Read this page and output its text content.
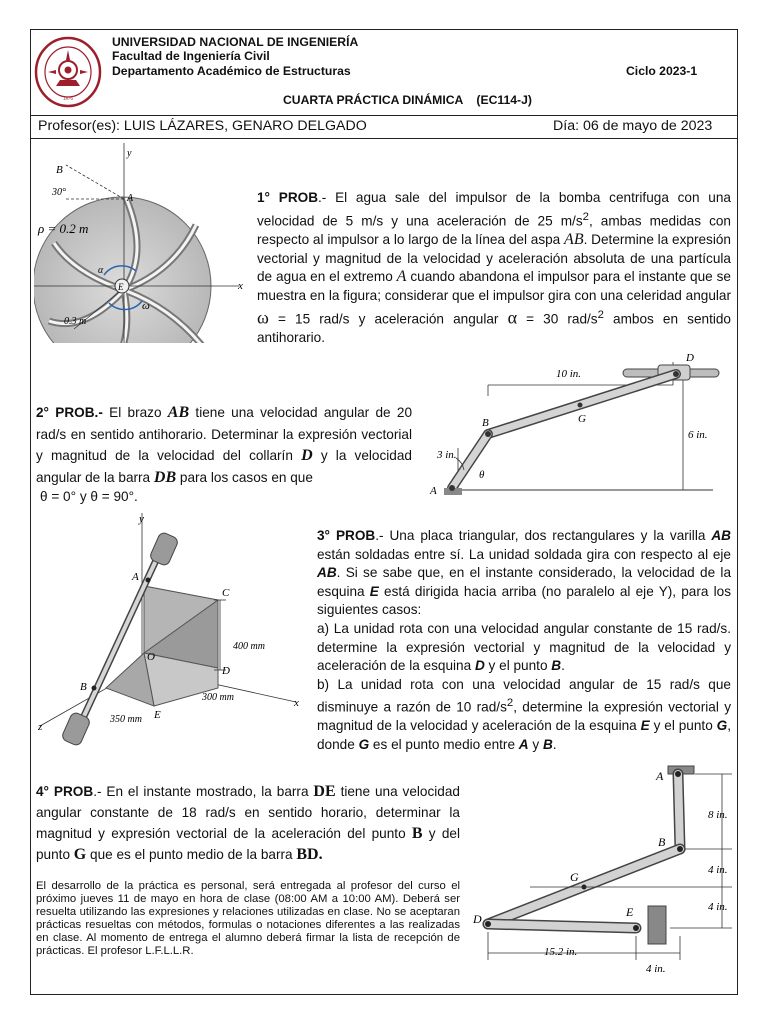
1876
UNIVERSIDAD NACIONAL DE INGENIERÍA
Facultad de Ingeniería Civil
Departamento Académico de Estructuras	Ciclo 2023-1
CUARTA PRÁCTICA DINÁMICA    (EC114-J)
Profesor(es): LUIS LÁZARES, GENARO DELGADO	Día: 06 de mayo de 2023
B
y
30°
A
ρ = 0.2 m
α
E	x
0.3 m
ω
1° PROB.- El agua sale del impulsor de la bomba centrifuga con una velocidad de 5 m/s y una aceleración de 25 $m/s^2$, ambas medidas con respecto al impulsor a lo largo de la línea del aspa AB. Determine la expresión vectorial y magnitud de la velocidad y aceleración absoluta de una partícula de agua en el extremo A cuando abandona el impulsor para el instante que se muestra en la figura; considerar que el impulsor gira con una celeridad angular ω = 15 rad/s y aceleración angular α = 30 rad/$s^2$ ambos en sentido antihorario.
10 in.
D
B	G
6 in.
3 in.
θ
A
2° PROB.- El brazo AB tiene una velocidad angular de 20 rad/s en sentido antihorario. Determinar la expresión vectorial y magnitud de la velocidad del collarín D y la velocidad angular de la barra DB para los casos en que
θ = 0° y θ = 90°.
y
A
C
400 mm
O
D
B
x
300 mm
E
350 mm
z
3° PROB.- Una placa triangular, dos rectangulares y la varilla AB están soldadas entre sí. La unidad soldada gira con respecto al eje AB. Si se sabe que, en el instante considerado, la velocidad de la esquina E está dirigida hacia arriba (no paralelo al eje Y), para los siguientes casos:
a) La unidad rota con una velocidad angular constante de 15 rad/s. determine la expresión vectorial y magnitud de la velocidad y aceleración de la esquina D y el punto B.
b) La unidad rota con una velocidad angular de 15 rad/s que disminuye a razón de 10 rad/$s^2$, determine la expresión vectorial y magnitud de la velocidad y aceleración de la esquina E y el punto G, donde G es el punto medio entre A y B.
4° PROB.- En el instante mostrado, la barra DE tiene una velocidad angular constante de 18 rad/s en sentido horario, determinar la magnitud y expresión vectorial de la aceleración del punto B y del punto G que es el punto medio de la barra BD.
A
8 in.
B
4 in.
G
4 in.
E
D
15.2 in.
4 in.
El desarrollo de la práctica es personal, será entregada al profesor del curso el próximo jueves 11 de mayo en hora de clase (08:00 AM a 10:00 AM). Deberá ser resuelta utilizando las expresiones y relaciones utilizadas en clase. No se aceptaran prácticas resueltas con métodos, formulas o notaciones diferentes a las realizadas en clase. Al momento de entrega el alumno deberá firmar la lista de recepción de prácticas. El profesor L.F.L.L.R.
